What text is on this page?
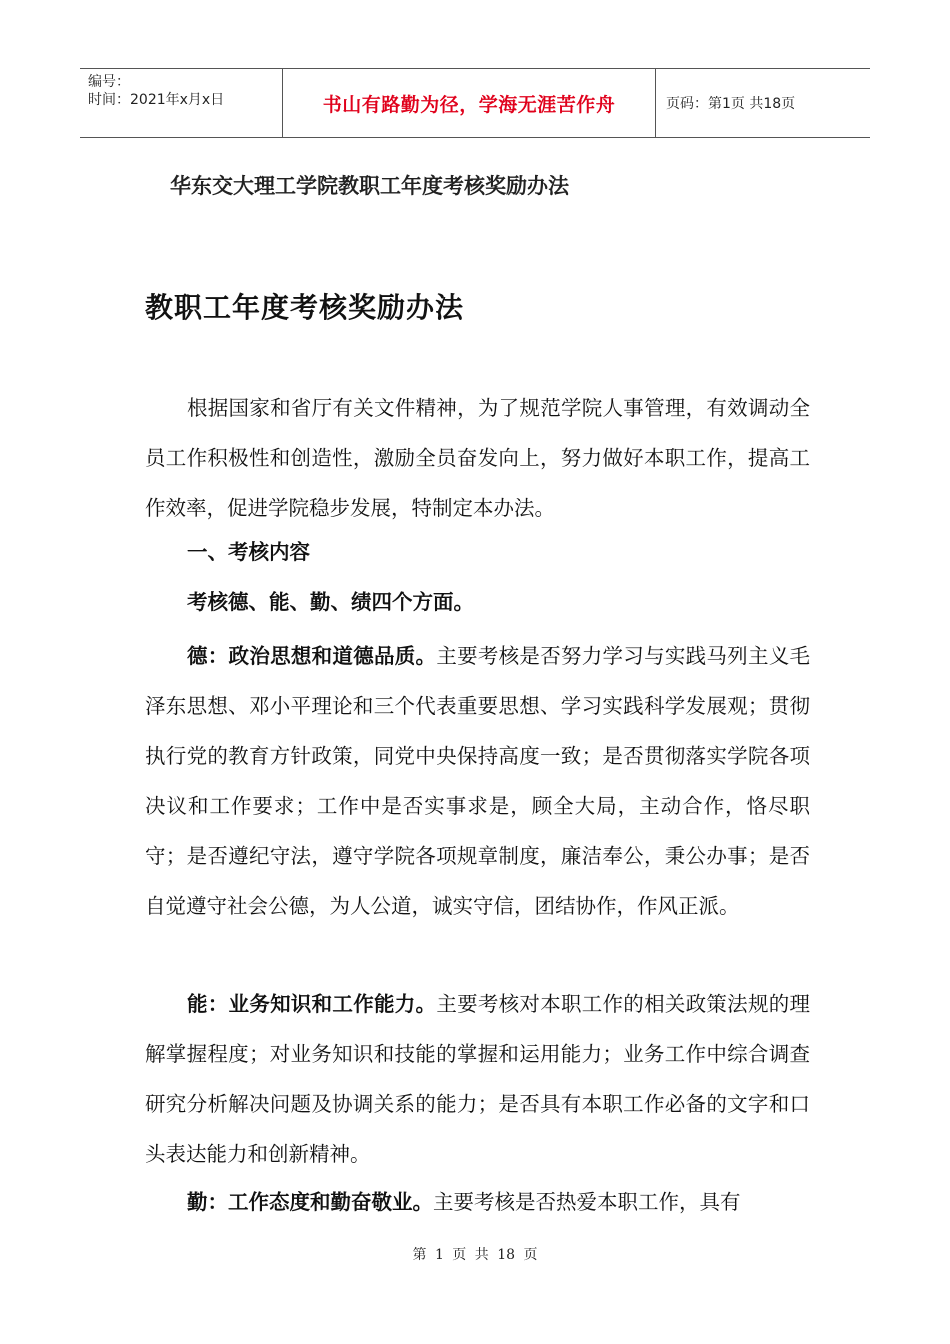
编号：
时间：2021年x月x日	书山有路勤为径，学海无涯苦作舟	页码：第1页 共18页
华东交大理工学院教职工年度考核奖励办法
教职工年度考核奖励办法

根据国家和省厅有关文件精神，为了规范学院人事管理，有效调动全员工作积极性和创造性，激励全员奋发向上，努力做好本职工作，提高工作效率，促进学院稳步发展，特制定本办法。

一、考核内容

考核德、能、勤、绩四个方面。

德：政治思想和道德品质。主要考核是否努力学习与实践马列主义毛泽东思想、邓小平理论和三个代表重要思想、学习实践科学发展观；贯彻执行党的教育方针政策，同党中央保持高度一致；是否贯彻落实学院各项决议和工作要求；工作中是否实事求是，顾全大局，主动合作，恪尽职守；是否遵纪守法，遵守学院各项规章制度，廉洁奉公，秉公办事；是否自觉遵守社会公德，为人公道，诚实守信，团结协作，作风正派。

能：业务知识和工作能力。主要考核对本职工作的相关政策法规的理解掌握程度；对业务知识和技能的掌握和运用能力；业务工作中综合调查研究分析解决问题及协调关系的能力；是否具有本职工作必备的文字和口头表达能力和创新精神。

勤：工作态度和勤奋敬业。主要考核是否热爱本职工作，具有

第 1 页 共 18 页
